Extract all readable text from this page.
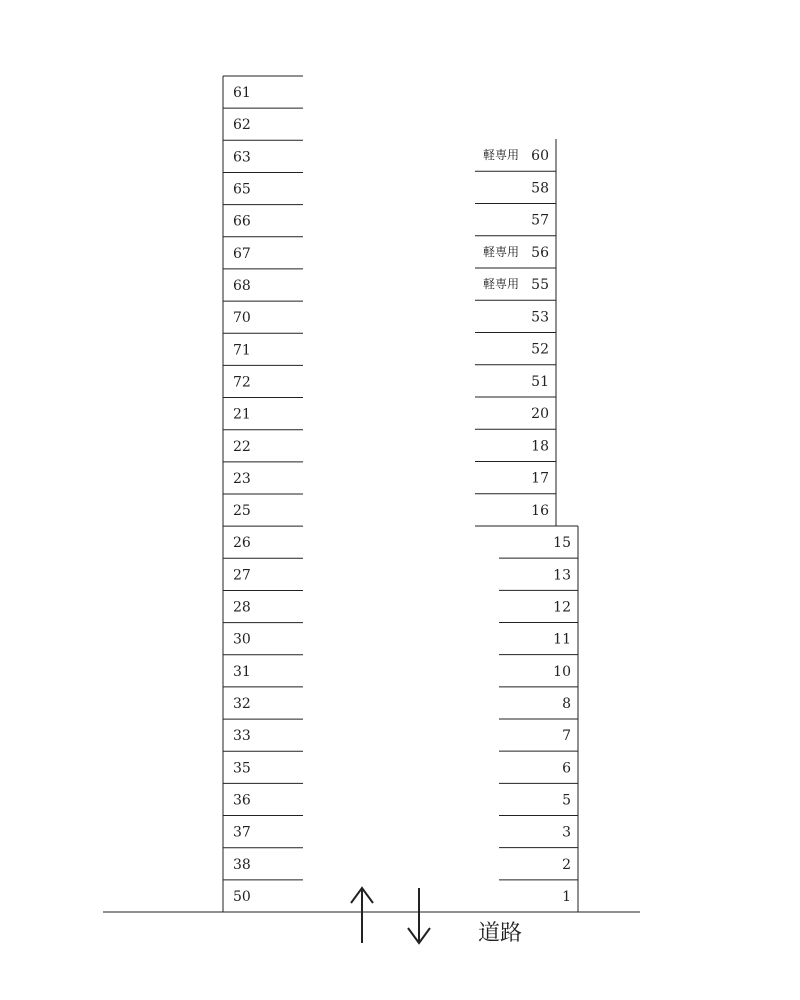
61
62
63
65
66
67
68
70
71
72
21
22
23
25
26
27
28
30
31
32
33
35
36
37
38
50
60
軽専用
58
57
56
軽専用
55
軽専用
53
52
51
20
18
17
16
15
13
12
11
10
8
7
6
5
3
2
1
道路
